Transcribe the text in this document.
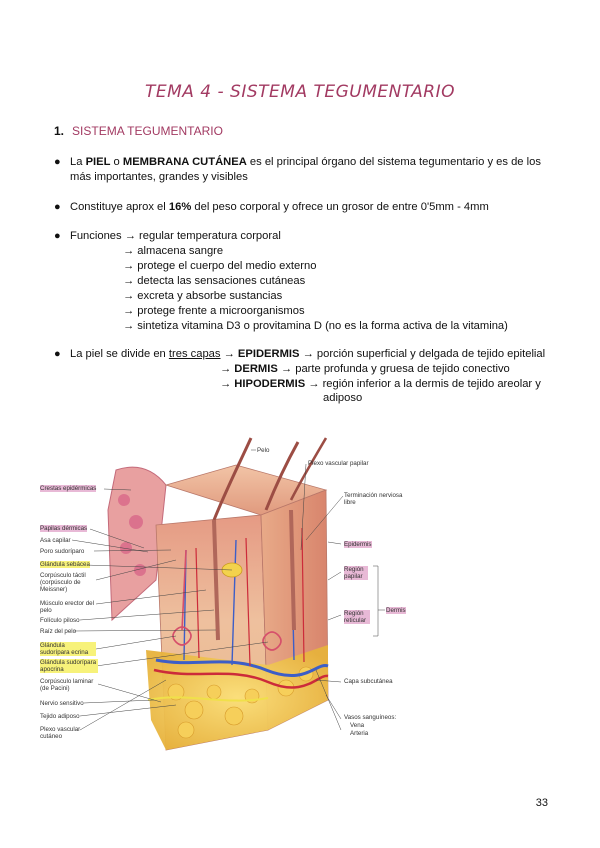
TEMA 4 - SISTEMA TEGUMENTARIO
1. SISTEMA TEGUMENTARIO
● La PIEL o MEMBRANA CUTÁNEA es el principal órgano del sistema tegumentario y es de los más importantes, grandes y visibles
● Constituye aprox el 16% del peso corporal y ofrece un grosor de entre 0'5mm - 4mm
● Funciones → regular temperatura corporal
→ almacena sangre
→ protege el cuerpo del medio externo
→ detecta las sensaciones cutáneas
→ excreta y absorbe sustancias
→ protege frente a microorganismos
→ sintetiza vitamina D3 o provitamina D (no es la forma activa de la vitamina)
● La piel se divide en tres capas → EPIDERMIS → porción superficial y delgada de tejido epitelial
→ DERMIS → parte profunda y gruesa de tejido conectivo
→ HIPODERMIS → región inferior a la dermis de tejido areolar y
adiposo
Crestas epidérmicas
Papilas dérmicas
Asa capilar
Poro sudoríparo
Glándula sebácea
Corpúsculo táctil (corpúsculo de Meissner)
Músculo erector del pelo
Folículo piloso
Raíz del pelo
Glándula sudorípara ecrina
Glándula sudorípara apocrina
Corpúsculo laminar (de Pacini)
Nervio sensitivo
Tejido adiposo
Plexo vascular cutáneo
Pelo
Plexo vascular papilar
Terminación nerviosa libre
Epidermis
Región papilar
Región reticular
Dermis
Capa subcutánea
Vasos sanguíneos:
Vena
Arteria
33
